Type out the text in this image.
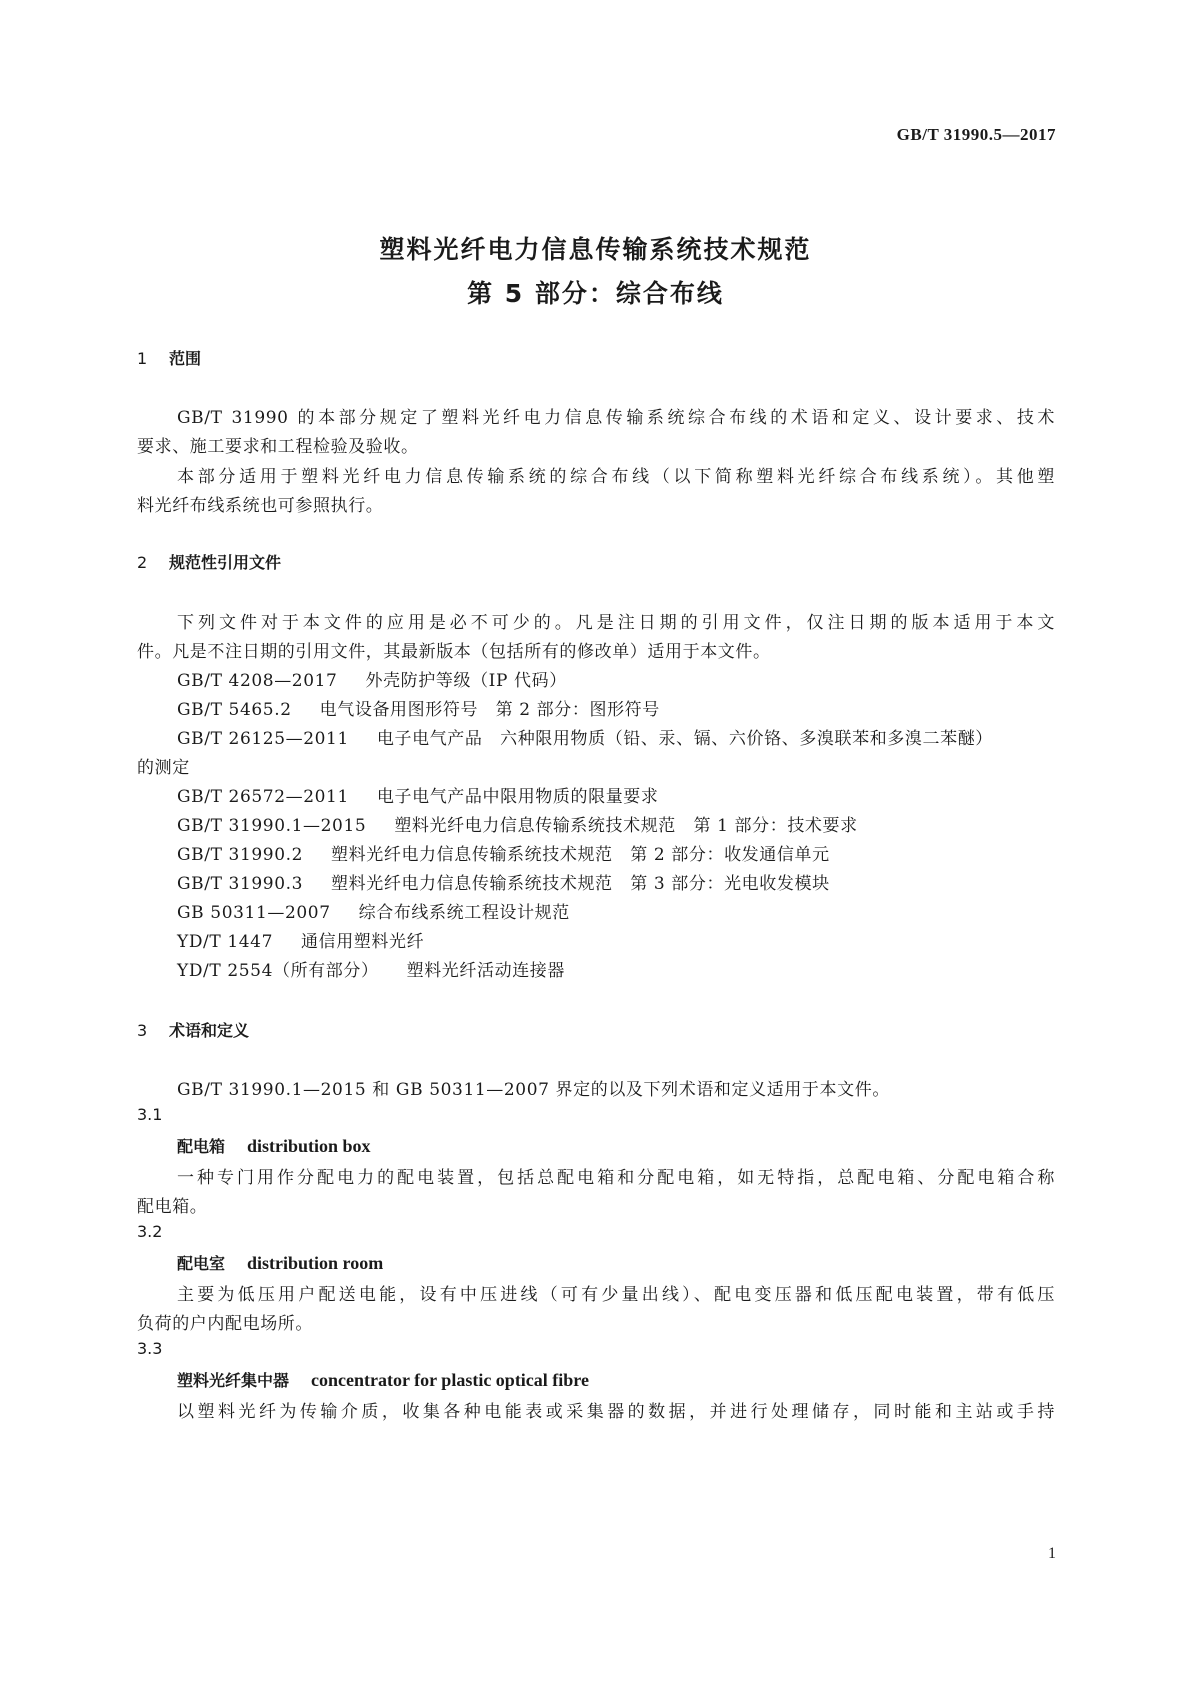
GB/T 31990.5—2017
塑料光纤电力信息传输系统技术规范
第 5 部分：综合布线
1 范围
GB/T 31990 的本部分规定了塑料光纤电力信息传输系统综合布线的术语和定义、设计要求、技术
要求、施工要求和工程检验及验收。
本部分适用于塑料光纤电力信息传输系统的综合布线（以下简称塑料光纤综合布线系统）。其他塑
料光纤布线系统也可参照执行。
2 规范性引用文件
下列文件对于本文件的应用是必不可少的。凡是注日期的引用文件，仅注日期的版本适用于本文
件。凡是不注日期的引用文件，其最新版本（包括所有的修改单）适用于本文件。
GB/T 4208—2017 外壳防护等级（IP 代码）
GB/T 5465.2 电气设备用图形符号　第 2 部分：图形符号
GB/T 26125—2011 电子电气产品　六种限用物质（铅、汞、镉、六价铬、多溴联苯和多溴二苯醚）
的测定
GB/T 26572—2011 电子电气产品中限用物质的限量要求
GB/T 31990.1—2015 塑料光纤电力信息传输系统技术规范　第 1 部分：技术要求
GB/T 31990.2 塑料光纤电力信息传输系统技术规范　第 2 部分：收发通信单元
GB/T 31990.3 塑料光纤电力信息传输系统技术规范　第 3 部分：光电收发模块
GB 50311—2007 综合布线系统工程设计规范
YD/T 1447 通信用塑料光纤
YD/T 2554（所有部分） 塑料光纤活动连接器
3 术语和定义
GB/T 31990.1—2015 和 GB 50311—2007 界定的以及下列术语和定义适用于本文件。
3.1
配电箱 distribution box
一种专门用作分配电力的配电装置，包括总配电箱和分配电箱，如无特指，总配电箱、分配电箱合称
配电箱。
3.2
配电室 distribution room
主要为低压用户配送电能，设有中压进线（可有少量出线）、配电变压器和低压配电装置，带有低压
负荷的户内配电场所。
3.3
塑料光纤集中器 concentrator for plastic optical fibre
以塑料光纤为传输介质，收集各种电能表或采集器的数据，并进行处理储存，同时能和主站或手持
1
